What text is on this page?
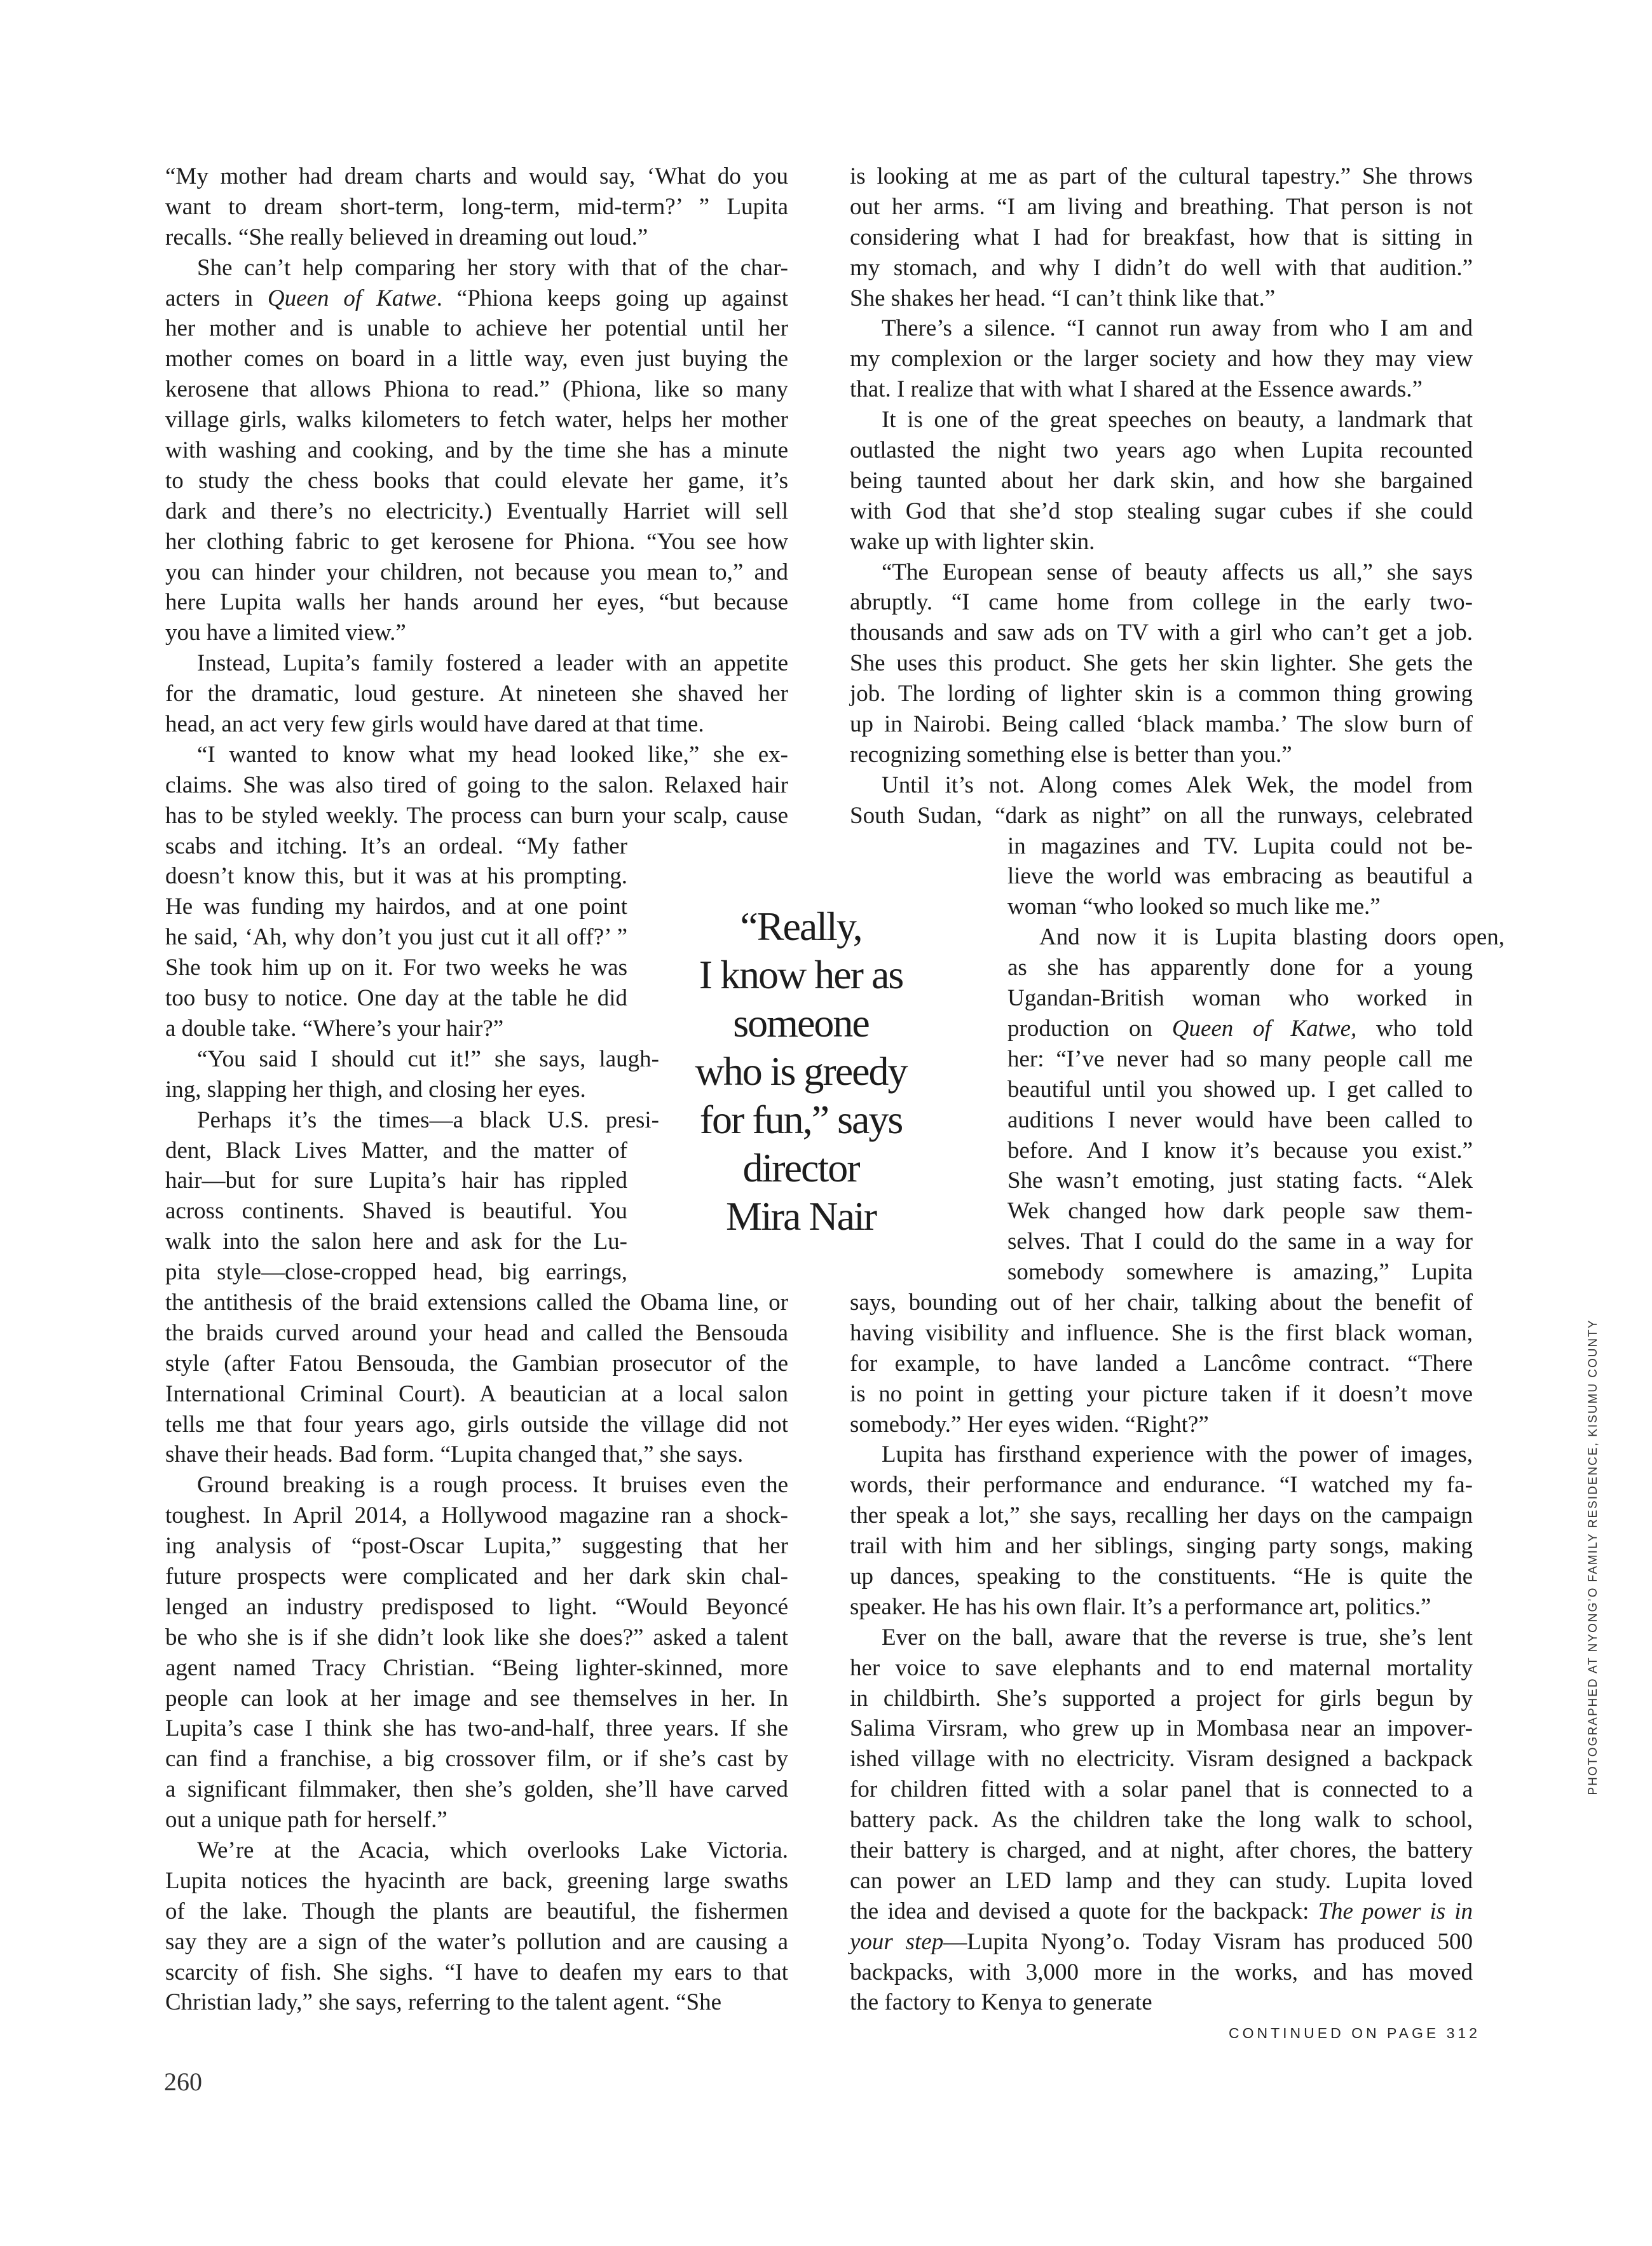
“My mother had dream charts and would say, ‘What do you
want to dream short-term, long-term, mid-term?’ ” Lupita
recalls. “She really believed in dreaming out loud.”
She can’t help comparing her story with that of the char-
acters in Queen of Katwe. “Phiona keeps going up against
her mother and is unable to achieve her potential until her
mother comes on board in a little way, even just buying the
kerosene that allows Phiona to read.” (Phiona, like so many
village girls, walks kilometers to fetch water, helps her mother
with washing and cooking, and by the time she has a minute
to study the chess books that could elevate her game, it’s
dark and there’s no electricity.) Eventually Harriet will sell
her clothing fabric to get kerosene for Phiona. “You see how
you can hinder your children, not because you mean to,” and
here Lupita walls her hands around her eyes, “but because
you have a limited view.”
Instead, Lupita’s family fostered a leader with an appetite
for the dramatic, loud gesture. At nineteen she shaved her
head, an act very few girls would have dared at that time.
“I wanted to know what my head looked like,” she ex-
claims. She was also tired of going to the salon. Relaxed hair
has to be styled weekly. The process can burn your scalp, cause
scabs and itching. It’s an ordeal. “My father
doesn’t know this, but it was at his prompting.
He was funding my hairdos, and at one point
he said, ‘Ah, why don’t you just cut it all off?’ ”
She took him up on it. For two weeks he was
too busy to notice. One day at the table he did
a double take. “Where’s your hair?”
“You said I should cut it!” she says, laugh-
ing, slapping her thigh, and closing her eyes.
Perhaps it’s the times—a black U.S. presi-
dent, Black Lives Matter, and the matter of
hair—but for sure Lupita’s hair has rippled
across continents. Shaved is beautiful. You
walk into the salon here and ask for the Lu-
pita style—close-cropped head, big earrings,
the antithesis of the braid extensions called the Obama line, or
the braids curved around your head and called the Bensouda
style (after Fatou Bensouda, the Gambian prosecutor of the
International Criminal Court). A beautician at a local salon
tells me that four years ago, girls outside the village did not
shave their heads. Bad form. “Lupita changed that,” she says.
Ground breaking is a rough process. It bruises even the
toughest. In April 2014, a Hollywood magazine ran a shock-
ing analysis of “post-Oscar Lupita,” suggesting that her
future prospects were complicated and her dark skin chal-
lenged an industry predisposed to light. “Would Beyoncé
be who she is if she didn’t look like she does?” asked a talent
agent named Tracy Christian. “Being lighter-skinned, more
people can look at her image and see themselves in her. In
Lupita’s case I think she has two-and-half, three years. If she
can find a franchise, a big crossover film, or if she’s cast by
a significant filmmaker, then she’s golden, she’ll have carved
out a unique path for herself.”
We’re at the Acacia, which overlooks Lake Victoria.
Lupita notices the hyacinth are back, greening large swaths
of the lake. Though the plants are beautiful, the fishermen
say they are a sign of the water’s pollution and are causing a
scarcity of fish. She sighs. “I have to deafen my ears to that
Christian lady,” she says, referring to the talent agent. “She
is looking at me as part of the cultural tapestry.” She throws
out her arms. “I am living and breathing. That person is not
considering what I had for breakfast, how that is sitting in
my stomach, and why I didn’t do well with that audition.”
She shakes her head. “I can’t think like that.”
There’s a silence. “I cannot run away from who I am and
my complexion or the larger society and how they may view
that. I realize that with what I shared at the Essence awards.”
It is one of the great speeches on beauty, a landmark that
outlasted the night two years ago when Lupita recounted
being taunted about her dark skin, and how she bargained
with God that she’d stop stealing sugar cubes if she could
wake up with lighter skin.
“The European sense of beauty affects us all,” she says
abruptly. “I came home from college in the early two-
thousands and saw ads on TV with a girl who can’t get a job.
She uses this product. She gets her skin lighter. She gets the
job. The lording of lighter skin is a common thing growing
up in Nairobi. Being called ‘black mamba.’ The slow burn of
recognizing something else is better than you.”
Until it’s not. Along comes Alek Wek, the model from
South Sudan, “dark as night” on all the runways, celebrated
in magazines and TV. Lupita could not be-
lieve the world was embracing as beautiful a
woman “who looked so much like me.”
And now it is Lupita blasting doors open,
as she has apparently done for a young
Ugandan-British woman who worked in
production on Queen of Katwe, who told
her: “I’ve never had so many people call me
beautiful until you showed up. I get called to
auditions I never would have been called to
before. And I know it’s because you exist.”
She wasn’t emoting, just stating facts. “Alek
Wek changed how dark people saw them-
selves. That I could do the same in a way for
somebody somewhere is amazing,” Lupita
says, bounding out of her chair, talking about the benefit of
having visibility and influence. She is the first black woman,
for example, to have landed a Lancôme contract. “There
is no point in getting your picture taken if it doesn’t move
somebody.” Her eyes widen. “Right?”
Lupita has firsthand experience with the power of images,
words, their performance and endurance. “I watched my fa-
ther speak a lot,” she says, recalling her days on the campaign
trail with him and her siblings, singing party songs, making
up dances, speaking to the constituents. “He is quite the
speaker. He has his own flair. It’s a performance art, politics.”
Ever on the ball, aware that the reverse is true, she’s lent
her voice to save elephants and to end maternal mortality
in childbirth. She’s supported a project for girls begun by
Salima Virsram, who grew up in Mombasa near an impover-
ished village with no electricity. Visram designed a backpack
for children fitted with a solar panel that is connected to a
battery pack. As the children take the long walk to school,
their battery is charged, and at night, after chores, the battery
can power an LED lamp and they can study. Lupita loved
the idea and devised a quote for the backpack: The power is in
your step—Lupita Nyong’o. Today Visram has produced 500
backpacks, with 3,000 more in the works, and has moved
the factory to Kenya to generate
“Really,
I know her as
someone
who is greedy
for fun,” says
director
Mira Nair
CONTINUED ON PAGE 312
260
PHOTOGRAPHED AT NYONG’O FAMILY RESIDENCE, KISUMU COUNTY
